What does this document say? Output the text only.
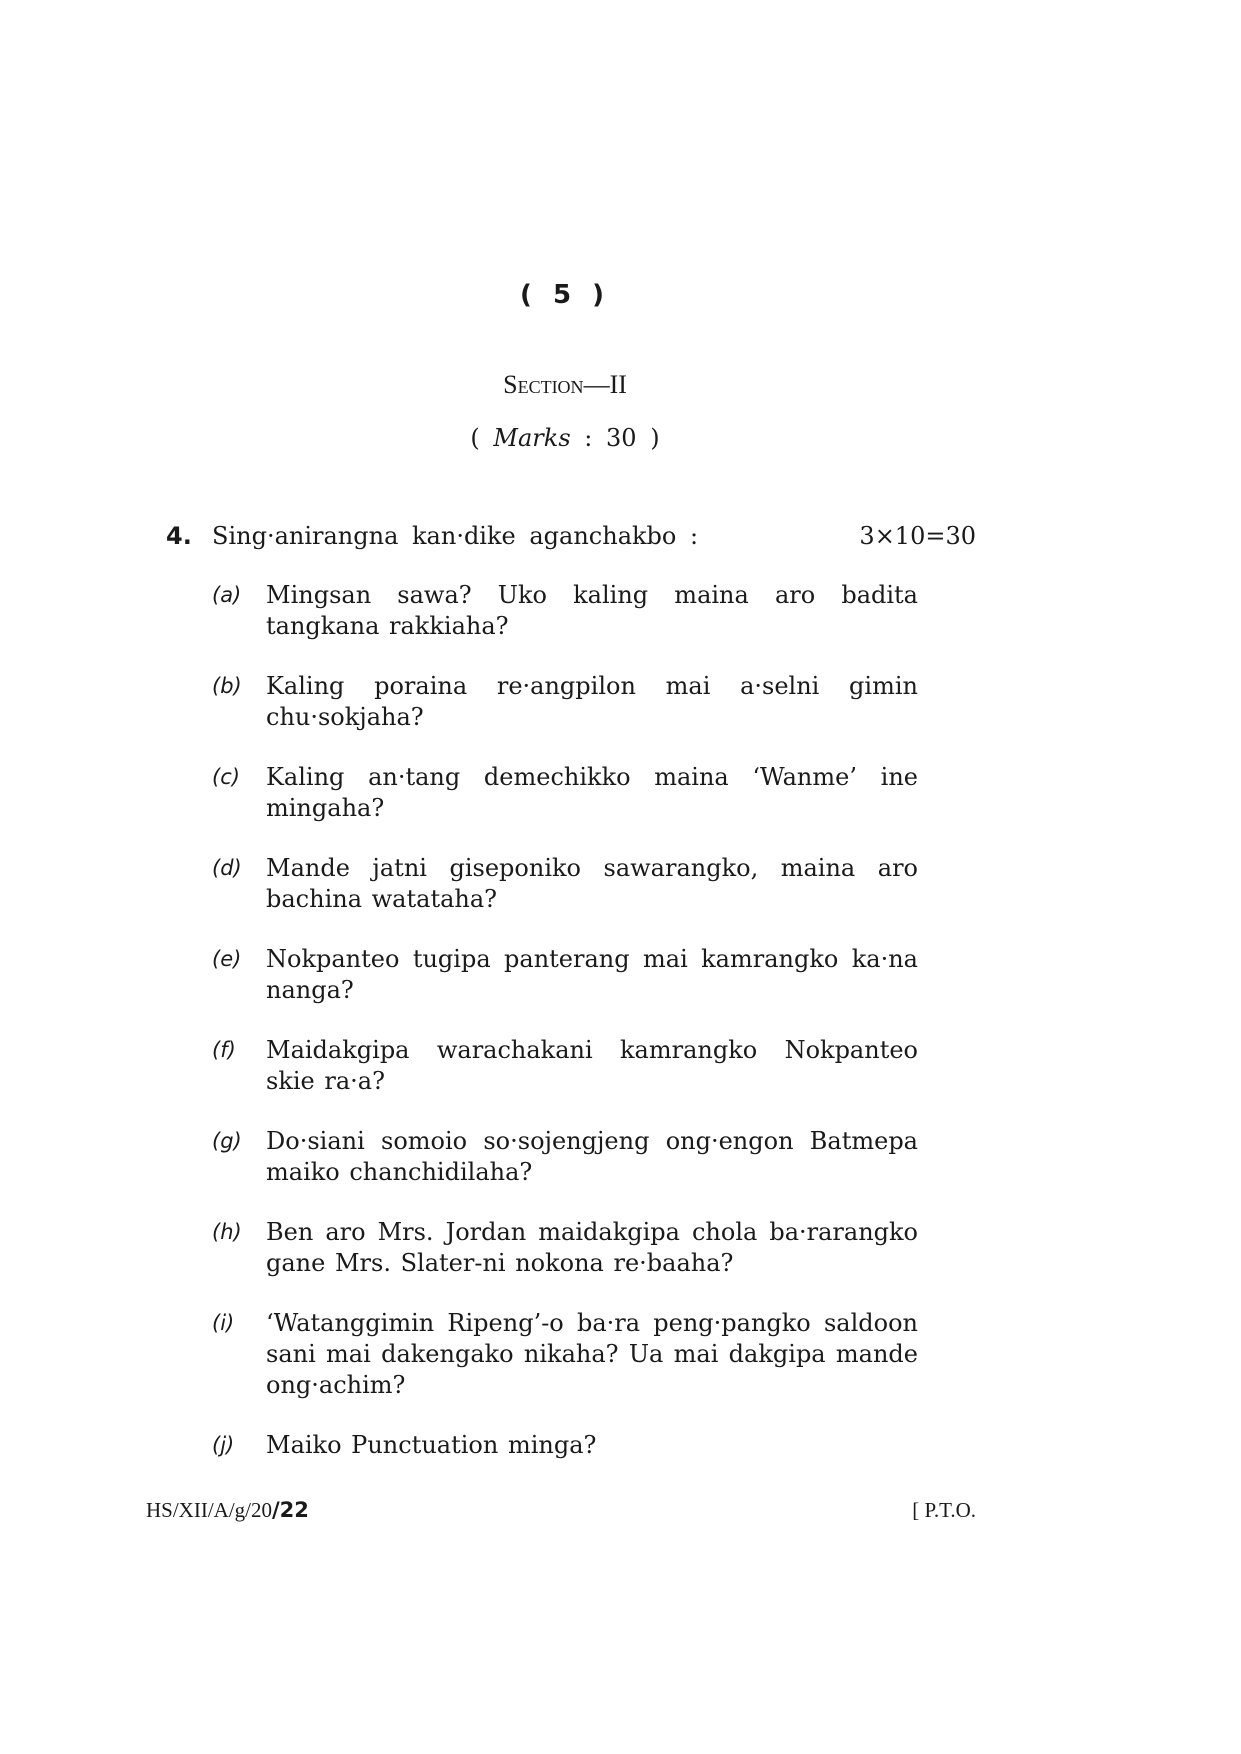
( 5 )
Section—II
( Marks : 30 )
4. Sing·anirangna kan·dike aganchakbo :	3×10=30
(a) Mingsan sawa? Uko kaling maina aro badita tangkana rakkiaha?
(b) Kaling poraina re·angpilon mai a·selni gimin chu·sokjaha?
(c) Kaling an·tang demechikko maina ‘Wanme’ ine mingaha?
(d) Mande jatni giseponiko sawarangko, maina aro bachina watataha?
(e) Nokpanteo tugipa panterang mai kamrangko ka·na nanga?
(f) Maidakgipa warachakani kamrangko Nokpanteo skie ra·a?
(g) Do·siani somoio so·sojengjeng ong·engon Batmepa maiko chanchidilaha?
(h) Ben aro Mrs. Jordan maidakgipa chola ba·rarangko gane Mrs. Slater-ni nokona re·baaha?
(i) ‘Watanggimin Ripeng’-o ba·ra peng·pangko saldoon sani mai dakengako nikaha? Ua mai dakgipa mande ong·achim?
(j) Maiko Punctuation minga?
HS/XII/A/g/20/22	[ P.T.O.
